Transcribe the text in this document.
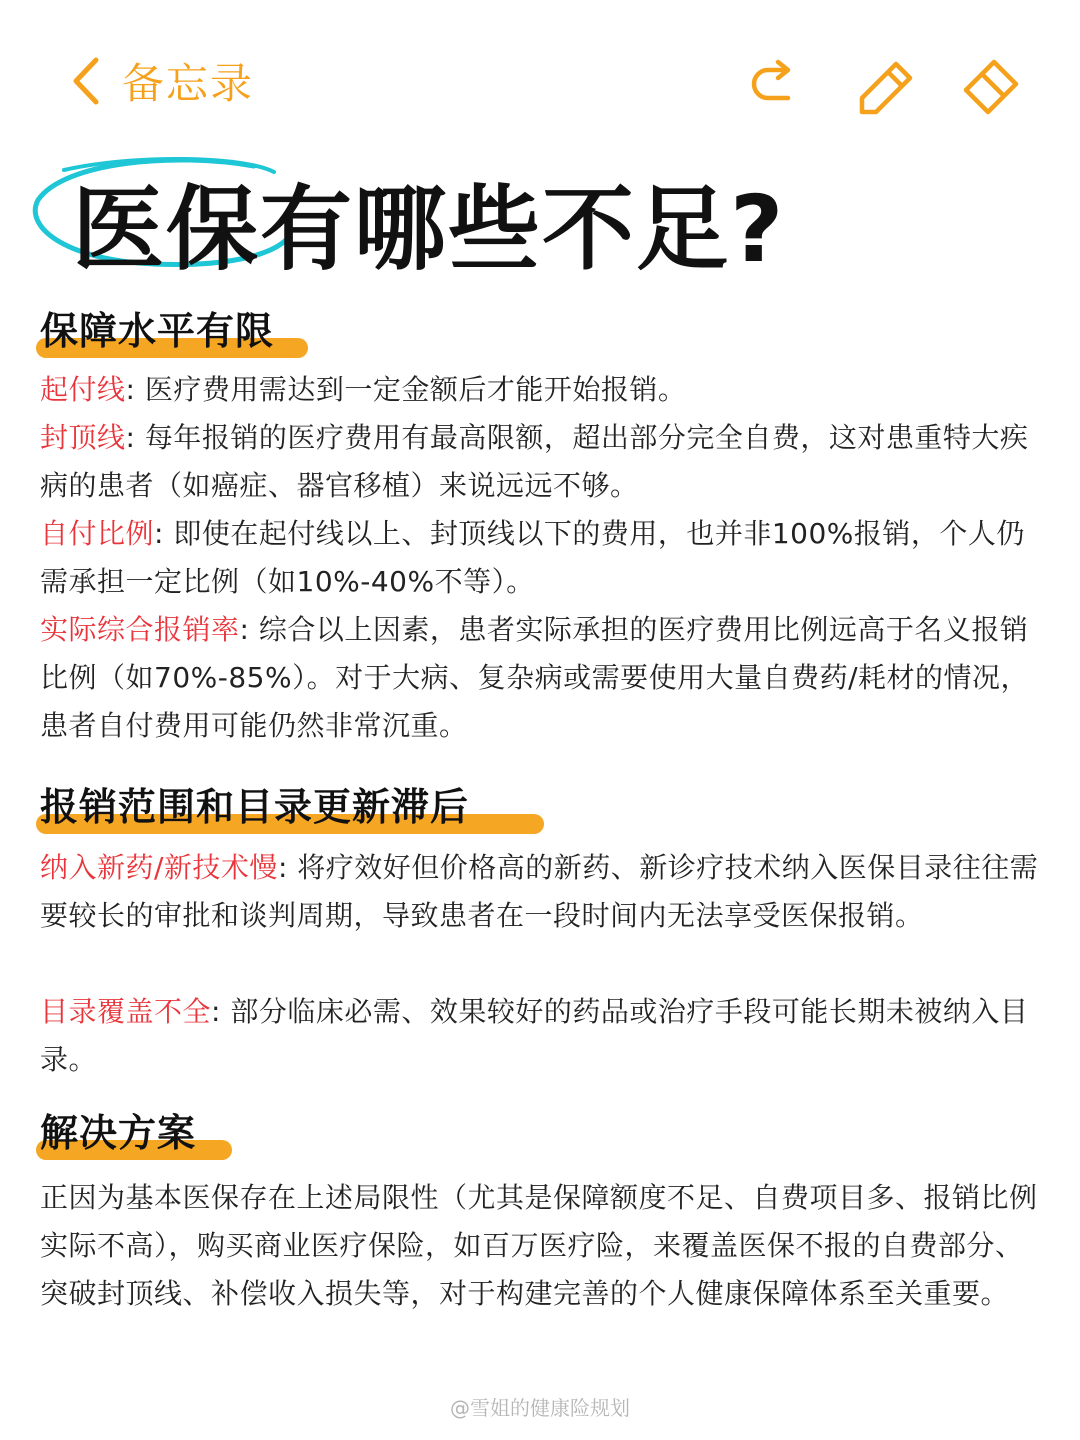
备忘录
医保有哪些不足?
保障水平有限

起付线: 医疗费用需达到一定金额后才能开始报销。

封顶线: 每年报销的医疗费用有最高限额，超出部分完全自费，这对患重特大疾病的患者（如癌症、器官移植）来说远远不够。

自付比例: 即使在起付线以上、封顶线以下的费用，也并非100%报销，个人仍需承担一定比例（如10%-40%不等）。

实际综合报销率: 综合以上因素，患者实际承担的医疗费用比例远高于名义报销比例（如70%-85%）。对于大病、复杂病或需要使用大量自费药/耗材的情况，患者自付费用可能仍然非常沉重。

报销范围和目录更新滞后

纳入新药/新技术慢: 将疗效好但价格高的新药、新诊疗技术纳入医保目录往往需要较长的审批和谈判周期，导致患者在一段时间内无法享受医保报销。

目录覆盖不全: 部分临床必需、效果较好的药品或治疗手段可能长期未被纳入目录。

解决方案

正因为基本医保存在上述局限性（尤其是保障额度不足、自费项目多、报销比例实际不高），购买商业医疗保险，如百万医疗险，来覆盖医保不报的自费部分、突破封顶线、补偿收入损失等，对于构建完善的个人健康保障体系至关重要。

@雪姐的健康险规划
